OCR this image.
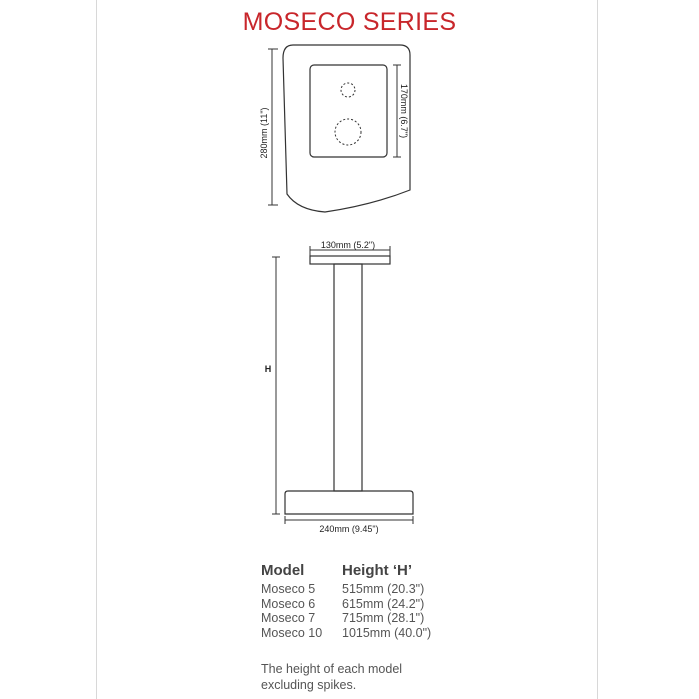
MOSECO SERIES
280mm (11")	170mm (6.7")
130mm (5.2")
H
240mm (9.45")
Model	Height ‘H’
Moseco 5 515mm (20.3")
Moseco 6 615mm (24.2")
Moseco 7 715mm (28.1")
Moseco 10 1015mm (40.0")
The height of each model
excluding spikes.
